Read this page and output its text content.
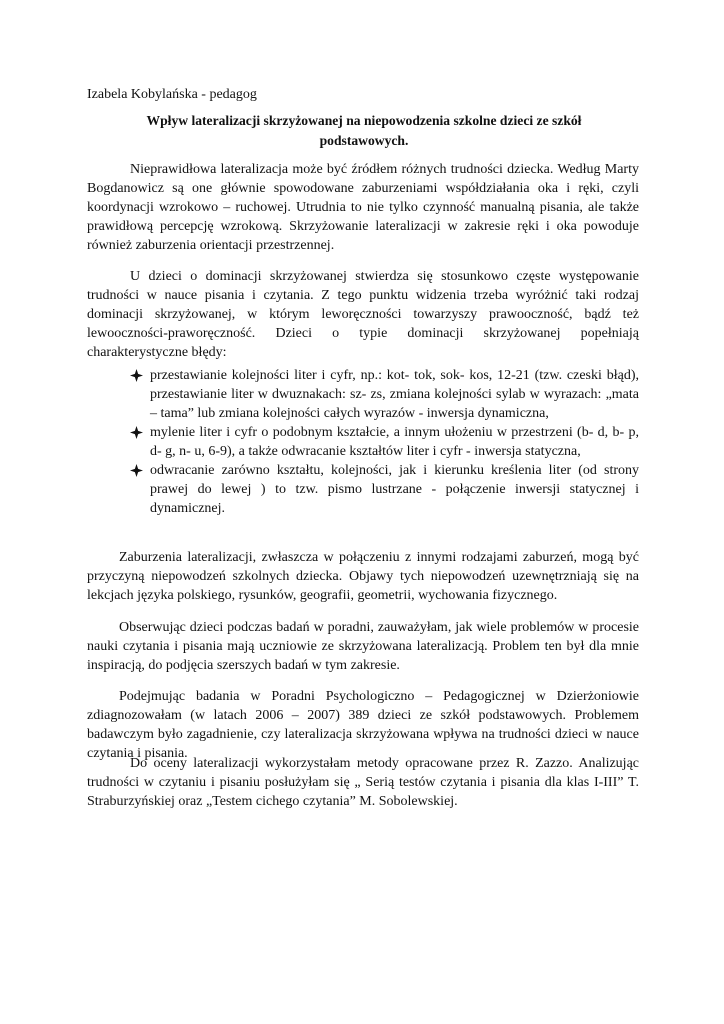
Izabela Kobylańska - pedagog

Wpływ lateralizacji skrzyżowanej na niepowodzenia szkolne dzieci ze szkół podstawowych.

Nieprawidłowa lateralizacja może być źródłem różnych trudności dziecka. Według Marty Bogdanowicz są one głównie spowodowane zaburzeniami współdziałania oka i ręki, czyli koordynacji wzrokowo – ruchowej. Utrudnia to nie tylko czynność manualną pisania, ale także prawidłową percepcję wzrokową. Skrzyżowanie lateralizacji w zakresie ręki i oka powoduje również zaburzenia orientacji przestrzennej.

U dzieci o dominacji skrzyżowanej stwierdza się stosunkowo częste występowanie trudności w nauce pisania i czytania. Z tego punktu widzenia trzeba wyróżnić taki rodzaj dominacji skrzyżowanej, w którym leworęczności towarzyszy prawooczność, bądź też lewooczności-praworęczność. Dzieci o typie dominacji skrzyżowanej popełniają charakterystyczne błędy:

przestawianie kolejności liter i cyfr, np.: kot- tok, sok- kos, 12-21 (tzw. czeski błąd), przestawianie liter w dwuznakach: sz- zs, zmiana kolejności sylab w wyrazach: „mata – tama” lub zmiana kolejności całych wyrazów - inwersja dynamiczna,
mylenie liter i cyfr o podobnym kształcie, a innym ułożeniu w przestrzeni (b- d, b- p, d- g, n- u, 6-9), a także odwracanie kształtów liter i cyfr - inwersja statyczna,
odwracanie zarówno kształtu, kolejności, jak i kierunku kreślenia liter (od strony prawej do lewej ) to tzw. pismo lustrzane - połączenie inwersji statycznej i dynamicznej.

Zaburzenia lateralizacji, zwłaszcza w połączeniu z innymi rodzajami zaburzeń, mogą być przyczyną niepowodzeń szkolnych dziecka. Objawy tych niepowodzeń uzewnętrzniają się na lekcjach języka polskiego, rysunków, geografii, geometrii, wychowania fizycznego.

Obserwując dzieci podczas badań w poradni, zauważyłam, jak wiele problemów w procesie nauki czytania i pisania mają uczniowie ze skrzyżowana lateralizacją. Problem ten był dla mnie inspiracją, do podjęcia szerszych badań w tym zakresie.

Podejmując badania w Poradni Psychologiczno – Pedagogicznej w Dzierżoniowie zdiagnozowałam (w latach 2006 – 2007) 389 dzieci ze szkół podstawowych. Problemem badawczym było zagadnienie, czy lateralizacja skrzyżowana wpływa na trudności dzieci w nauce czytania i pisania.

Do oceny lateralizacji wykorzystałam metody opracowane przez R. Zazzo. Analizując trudności w czytaniu i pisaniu posłużyłam się „ Serią testów czytania i pisania dla klas I-III” T. Straburzyńskiej oraz „Testem cichego czytania” M. Sobolewskiej.
